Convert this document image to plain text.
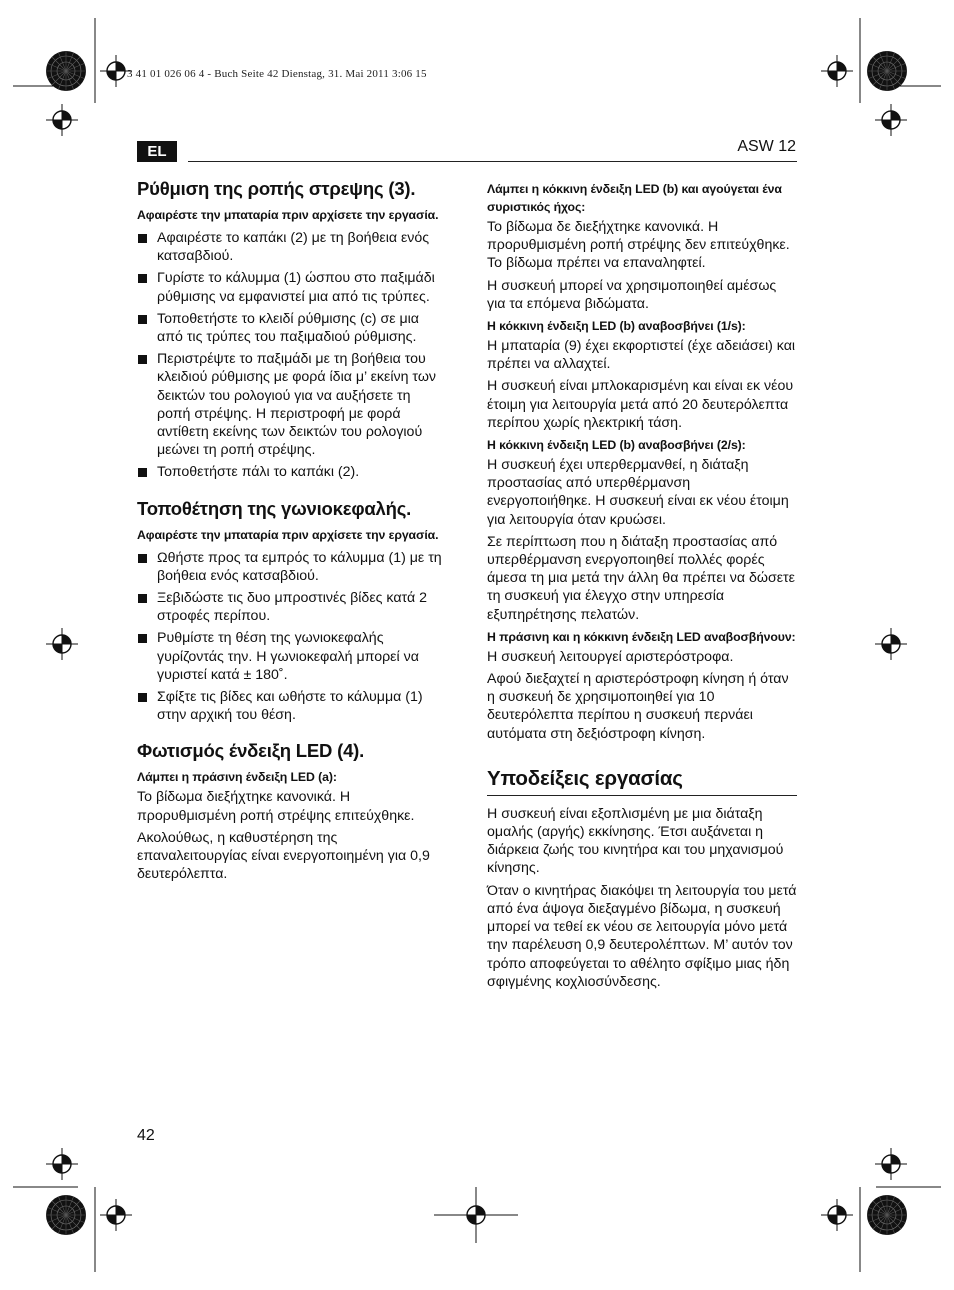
3 41 01 026 06 4 - Buch Seite 42 Dienstag, 31. Mai 2011 3:06 15
EL	ASW 12
Ρύθμιση της ροπής στρεψης (3).
Αφαιρέστε την μπαταρία πριν αρχίσετε την εργασία.
Αφαιρέστε το καπάκι (2) με τη βοήθεια ενός κατσαβδιού.
Γυρίστε το κάλυμμα (1) ώσπου στο παξιμάδι ρύθμισης να εμφανιστεί μια από τις τρύπες.
Τοποθετήστε το κλειδί ρύθμισης (c) σε μια από τις τρύπες του παξιμαδιού ρύθμισης.
Περιστρέψτε το παξιμάδι με τη βοήθεια του κλειδιού ρύθμισης με φορά ίδια μ’ εκείνη των δεικτών του ρολογιού για να αυξήσετε τη ροπή στρέψης. Η περιστροφή με φορά αντίθετη εκείνης των δεικτών του ρολογιού μεώνει τη ροπή στρέψης.
Τοποθετήστε πάλι το καπάκι (2).
Τοποθέτηση της γωνιοκεφαλής.
Αφαιρέστε την μπαταρία πριν αρχίσετε την εργασία.
Ωθήστε προς τα εμπρός το κάλυμμα (1) με τη βοήθεια ενός κατσαβδιού.
Ξεβιδώστε τις δυο μπροστινές βίδες κατά 2 στροφές περίπου.
Ρυθμίστε τη θέση της γωνιοκεφαλής γυρίζοντάς την. Η γωνιοκεφαλή μπορεί να γυριστεί κατά ± 180˚.
Σφίξτε τις βίδες και ωθήστε το κάλυμμα (1) στην αρχική του θέση.
Φωτισμός ένδειξη LED (4).
Λάμπει η πράσινη ένδειξη LED (a):

Το βίδωμα διεξήχτηκε κανονικά. Η προρυθμισμένη ροπή στρέψης επιτεύχθηκε.

Ακολούθως, η καθυστέρηση της επαναλειτουργίας είναι ενεργοποιημένη για 0,9 δευτερόλεπτα.

Λάμπει η κόκκινη ένδειξη LED (b) και αγούγεται ένα συριστικός ήχος:

Το βίδωμα δε διεξήχτηκε κανονικά. Η προρυθμισμένη ροπή στρέψης δεν επιτεύχθηκε. Το βίδωμα πρέπει να επαναληφτεί.

Η συσκευή μπορεί να χρησιμοποιηθεί αμέσως για τα επόμενα βιδώματα.

Η κόκκινη ένδειξη LED (b) αναβοσβήνει (1/s):

Η μπαταρία (9) έχει εκφορτιστεί (έχε αδειάσει) και πρέπει να αλλαχτεί.

Η συσκευή είναι μπλοκαρισμένη και είναι εκ νέου έτοιμη για λειτουργία μετά από 20 δευτερόλεπτα περίπου χωρίς ηλεκτρική τάση.

Η κόκκινη ένδειξη LED (b) αναβοσβήνει (2/s):

Η συσκευή έχει υπερθερμανθεί, η διάταξη προστασίας από υπερθέρμανση ενεργοποιήθηκε. Η συσκευή είναι εκ νέου έτοιμη για λειτουργία όταν κρυώσει.

Σε περίπτωση που η διάταξη προστασίας από υπερθέρμανση ενεργοποιηθεί πολλές φορές άμεσα τη μια μετά την άλλη θα πρέπει να δώσετε τη συσκευή για έλεγχο στην υπηρεσία εξυπηρέτησης πελατών.

Η πράσινη και η κόκκινη ένδειξη LED αναβοσβήνουν:

Η συσκευή λειτουργεί αριστερόστροφα.

Αφού διεξαχτεί η αριστερόστροφη κίνηση ή όταν η συσκευή δε χρησιμοποιηθεί για 10 δευτερόλεπτα περίπου η συσκευή περνάει αυτόματα στη δεξιόστροφη κίνηση.

Υποδείξεις εργασίας

Η συσκευή είναι εξοπλισμένη με μια διάταξη ομαλής (αργής) εκκίνησης. Έτσι αυξάνεται η διάρκεια ζωής του κινητήρα και του μηχανισμού κίνησης.

Όταν ο κινητήρας διακόψει τη λειτουργία του μετά από ένα άψογα διεξαγμένο βίδωμα, η συσκευή μπορεί να τεθεί εκ νέου σε λειτουργία μόνο μετά την παρέλευση 0,9 δευτερολέπτων. Μ’ αυτόν τον τρόπο αποφεύγεται το αθέλητο σφίξιμο μιας ήδη σφιγμένης κοχλιοσύνδεσης.

42
